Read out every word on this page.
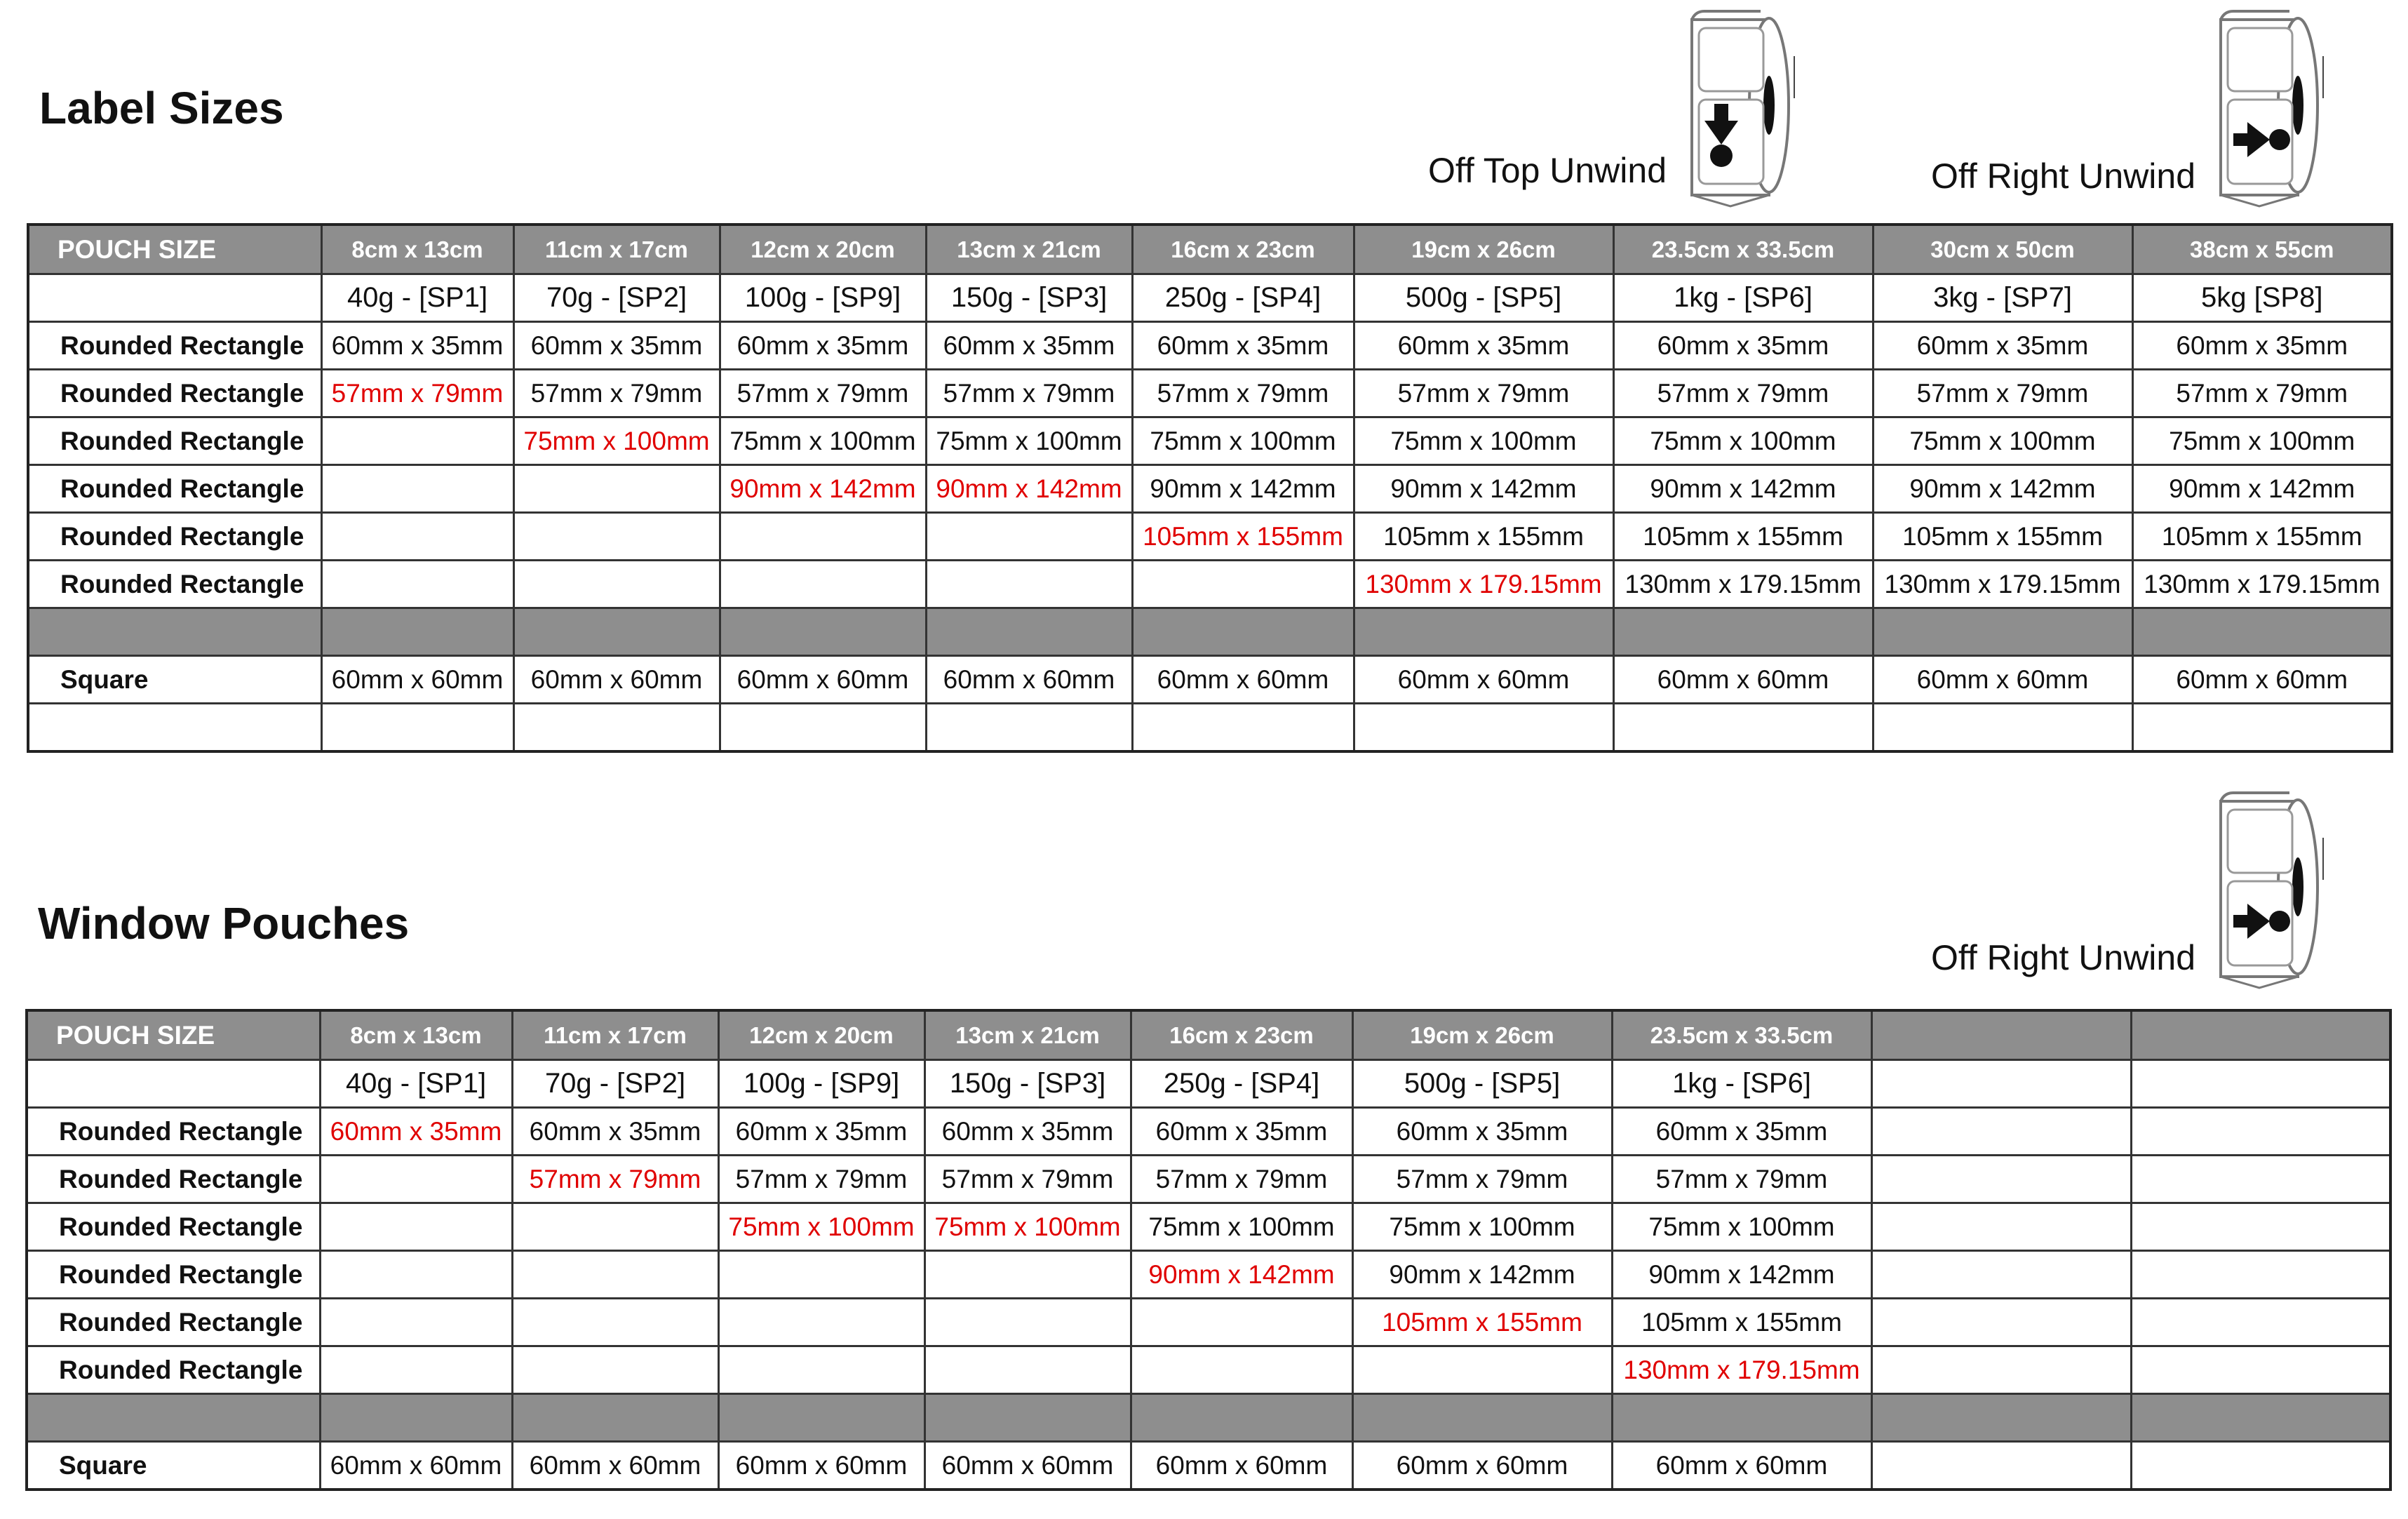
Label Sizes
Off Top Unwind	Off Right Unwind
POUCH SIZE	8cm x 13cm	11cm x 17cm	12cm x 20cm	13cm x 21cm	16cm x 23cm	19cm x 26cm	23.5cm x 33.5cm	30cm x 50cm	38cm x 55cm
	40g - [SP1]	70g - [SP2]	100g - [SP9]	150g - [SP3]	250g - [SP4]	500g - [SP5]	1kg - [SP6]	3kg - [SP7]	5kg [SP8]
Rounded Rectangle	60mm x 35mm	60mm x 35mm	60mm x 35mm	60mm x 35mm	60mm x 35mm	60mm x 35mm	60mm x 35mm	60mm x 35mm	60mm x 35mm
Rounded Rectangle	57mm x 79mm	57mm x 79mm	57mm x 79mm	57mm x 79mm	57mm x 79mm	57mm x 79mm	57mm x 79mm	57mm x 79mm	57mm x 79mm
Rounded Rectangle		75mm x 100mm	75mm x 100mm	75mm x 100mm	75mm x 100mm	75mm x 100mm	75mm x 100mm	75mm x 100mm	75mm x 100mm
Rounded Rectangle			90mm x 142mm	90mm x 142mm	90mm x 142mm	90mm x 142mm	90mm x 142mm	90mm x 142mm	90mm x 142mm
Rounded Rectangle					105mm x 155mm	105mm x 155mm	105mm x 155mm	105mm x 155mm	105mm x 155mm
Rounded Rectangle						130mm x 179.15mm	130mm x 179.15mm	130mm x 179.15mm	130mm x 179.15mm

Square	60mm x 60mm	60mm x 60mm	60mm x 60mm	60mm x 60mm	60mm x 60mm	60mm x 60mm	60mm x 60mm	60mm x 60mm	60mm x 60mm

Window Pouches
Off Right Unwind
POUCH SIZE	8cm x 13cm	11cm x 17cm	12cm x 20cm	13cm x 21cm	16cm x 23cm	19cm x 26cm	23.5cm x 33.5cm		
	40g - [SP1]	70g - [SP2]	100g - [SP9]	150g - [SP3]	250g - [SP4]	500g - [SP5]	1kg - [SP6]		
Rounded Rectangle	60mm x 35mm	60mm x 35mm	60mm x 35mm	60mm x 35mm	60mm x 35mm	60mm x 35mm	60mm x 35mm		
Rounded Rectangle		57mm x 79mm	57mm x 79mm	57mm x 79mm	57mm x 79mm	57mm x 79mm	57mm x 79mm		
Rounded Rectangle			75mm x 100mm	75mm x 100mm	75mm x 100mm	75mm x 100mm	75mm x 100mm		
Rounded Rectangle					90mm x 142mm	90mm x 142mm	90mm x 142mm		
Rounded Rectangle						105mm x 155mm	105mm x 155mm		
Rounded Rectangle							130mm x 179.15mm		

Square	60mm x 60mm	60mm x 60mm	60mm x 60mm	60mm x 60mm	60mm x 60mm	60mm x 60mm	60mm x 60mm		
